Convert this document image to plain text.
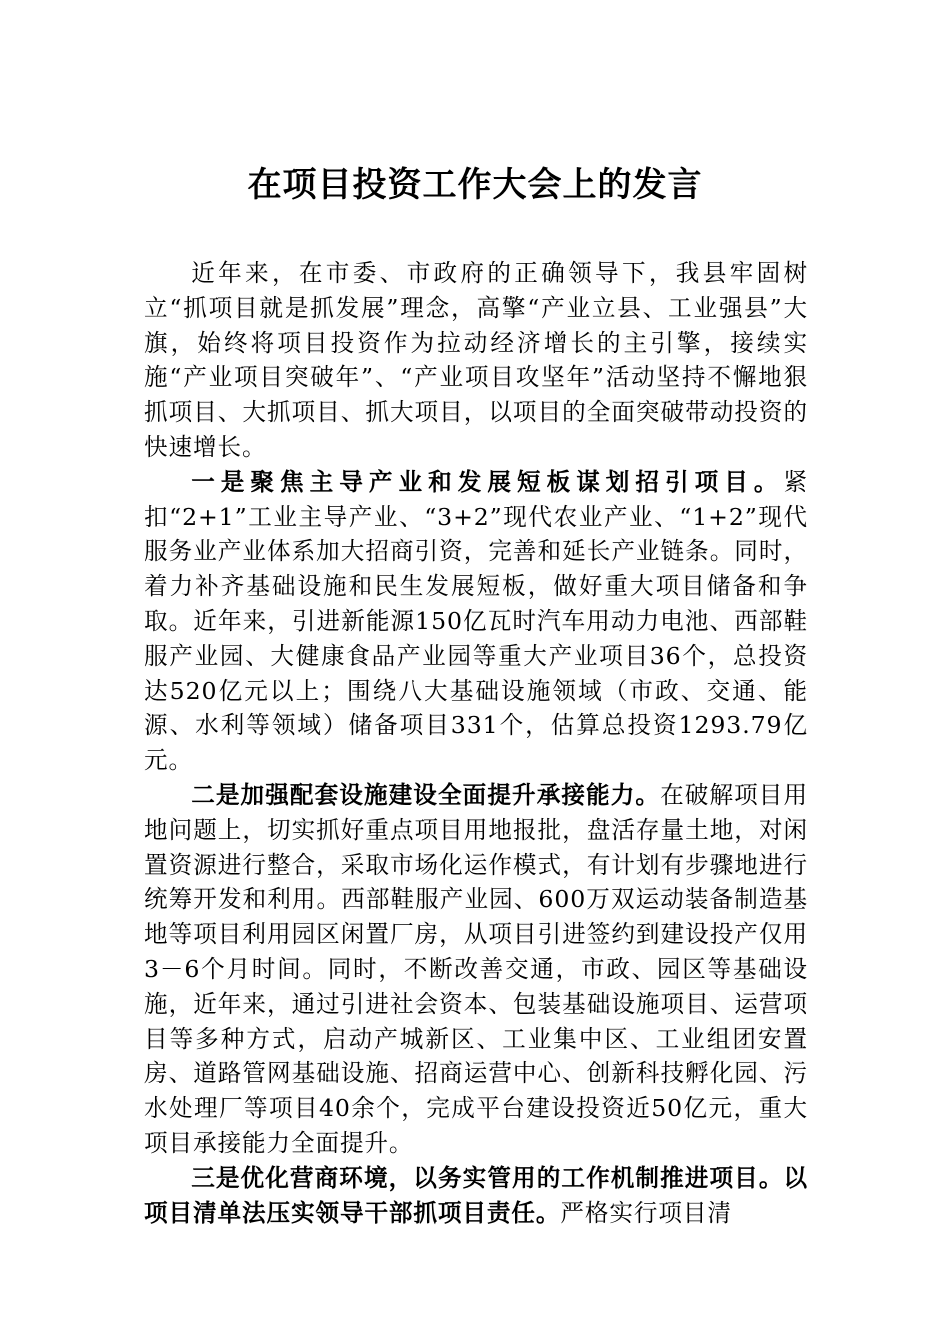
在项目投资工作大会上的发言

近年来，在市委、市政府的正确领导下，我县牢固树立“抓项目就是抓发展”理念，高擎“产业立县、工业强县”大旗，始终将项目投资作为拉动经济增长的主引擎，接续实施“产业项目突破年”、“产业项目攻坚年”活动坚持不懈地狠抓项目、大抓项目、抓大项目，以项目的全面突破带动投资的快速增长。

一是聚焦主导产业和发展短板谋划招引项目。紧扣“2+1”工业主导产业、“3+2”现代农业产业、“1+2”现代服务业产业体系加大招商引资，完善和延长产业链条。同时，着力补齐基础设施和民生发展短板，做好重大项目储备和争取。近年来，引进新能源150亿瓦时汽车用动力电池、西部鞋服产业园、大健康食品产业园等重大产业项目36个，总投资达520亿元以上；围绕八大基础设施领域（市政、交通、能源、水利等领域）储备项目331个，估算总投资1293.79亿元。

二是加强配套设施建设全面提升承接能力。在破解项目用地问题上，切实抓好重点项目用地报批，盘活存量土地，对闲置资源进行整合，采取市场化运作模式，有计划有步骤地进行统筹开发和利用。西部鞋服产业园、600万双运动装备制造基地等项目利用园区闲置厂房，从项目引进签约到建设投产仅用3－6个月时间。同时，不断改善交通，市政、园区等基础设施，近年来，通过引进社会资本、包装基础设施项目、运营项目等多种方式，启动产城新区、工业集中区、工业组团安置房、道路管网基础设施、招商运营中心、创新科技孵化园、污水处理厂等项目40余个，完成平台建设投资近50亿元，重大项目承接能力全面提升。

三是优化营商环境，以务实管用的工作机制推进项目。以项目清单法压实领导干部抓项目责任。严格实行项目清
